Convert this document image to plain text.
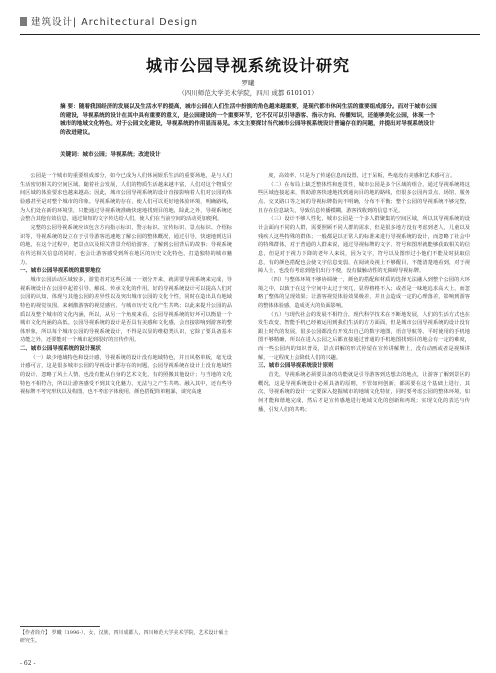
建筑设计| Architectural Design
城市公园导视系统设计研究
罗曦
（四川师范大学美术学院，四川 成都 610101）

摘 要：随着我国经济的发展以及生活水平的提高，城市公园在人们生活中扮演的角色越来越重要，是现代都市休闲生活的重要组成部分。而对于城市公园的建设，导视系统的设计在其中具有重要的意义，是公园建设的一个重要环节，它不仅可以引导游客、指示方向、传播知识，还能够美化公园，体现一个城市的地域文化特色。对于公园文化建设，导视系统的作用显而易见。本文主要探讨当代城市公园导视系统设计普遍存在的问题，并提出对导视系统设计的改进建议。

关键词：城市公园；导视系统；改进设计

公园是一个城市的重要组成部分，如今已成为人们休闲娱乐生活的重要场地，是与人们生活密切相关的空间区域。随着社会发展，人们的物质生活越来越丰富，人们对这个物质空间区域的体验要求也越来越高；因此，城市公园导视系统的设计直接影响着人们对公园的体验感甚至是对整个城市的印象。导视系统的存在，使人们可以更好地体验环境，明确路线，为人们处在新的环境里，只能通过导视系统准确快速地找到目的地，除此之外，导视系统还会整合其他有效信息，通过简短的文字传达给人们，使人们在当前空间的活动更加便利。

完整的公园导视系统应该包含方向指示标识、警示标识、宣传标识、景点标识、介绍标识等，导视系统的设立在于引导游客迅速地了解公园的整体概况，通过引导，快速地到达目的地，在这个过程中，把景点以及相关背景介绍给游客，了解到公园背后的故事；导视系统在传达相关信息的同时，也会让游客感受到所在地区的历史文化特色，打造独特的城市魅力。

一、城市公园导视系统的重要地位

城市公园活动区域较多，游览者对这些区域一一划分开来，就需要导视系统来完成，导视系统设计在公园中起着引导、解说、传承文化的作用。好的导视系统设计可以提高人们对公园的认知，体现与其他公园的差异性以及突出城市公园的文化个性，同时在造出具有地域特色的视觉氛围，来刺激游客的视觉感官，与城市历史文化产生共鸣；以此来提升公园的品质以及整个城市的文化内涵，所以，从另一个角度来看，公园导视系统的好坏可以衡量一个城市文化内涵的高低。公园导视系统的设计是否具有美感和文化感，会直接影响到游客的整体形象，所以每个城市公园的导视系统设计，不得是以显的维稳类认识，它除了要具备基本功能之外，还要能对一个城市起到很好的宣传作用。

二、城市公园导视系统的设计现状

（一）缺少地域特色和设计感，导视系统的设计没有地域特色，并且风格单板，毫无设计感可言，这是很多城市公园的导视设计都存在的问题，公园导视系统在设计上没有地域性的设计，忽略了风土人情，也没有能从自身的艺术文化，有的照搬其他设计；与当地的文化特色不相符合，所以让游客感受不到其文化魅力，无法与之产生共鸣、融入其中，还有些导视标牌不考究形状以及构图，也不考虑字体使用，颜色搭配简单粗暴，谈究高速

度，高效率，只是为了传递信息而设置，过于呆板，些毫没有美感和艺术感可言。

（二）在布局上缺乏整体性和连贯性，城市公园是多个区域的组合，通过导视系统将这些区域连接起来，帮助游客快速地找到通向目的地的路线，但很多公园内景点、场馆、服务点、交叉路口等之间的导视标牌指向不明确，分布不平衡；整个公园的导视系统不够完整，且存在信息缺失，导致信息传播模糊，游客找收到的信息不足。

（三）设计不够人性化，城市公园是一个多人群聚集的空间区域，所以其导视系统的设计会面向不同的人群，需要照顾不同人群的需求，但是很多地方没有考虑到老人，儿童以及残疾人这些特殊的群体；一般都是以正常人的标准来进行导视系统的设计，而忽略了社会中的特殊群体，对于普通的人群来说，通过导视标牌的文字、符号和图形就能够获取相关的信息，但是对于视力下降的老年人来说，因为文字，符号以及图形过小他们不能及时获取信息，有的颜色搭配也会使文字信息变弱，在阅读及视上不够醒目，不能清楚地看到，对于视障人士，也没有考虑到他们出行不便，没有做触动性的无障碍导视标牌。

（四）与整体环境不够协调统一，颜色的搭配和材质的选择无法融入到整个公园的大环境之中，以致于在这个空间中太过于突兀，显得格格不入；或者是一味地追求高大上，而忽略了整体的呈现效果；让游客视觉体验效果极差，并且会造成一定的心理落差，影响到游客的整体体验感，造成更大的负面影响。

（五）与现代社会的发展不相符合，现代科学技术在不断地发展，人们的生活方式也在发生改变，智能手机已经被运用到我们生活的方方面面，但是城市公园导视系统的设计没有跟上时代的发展，很多公园都没有开发出自己的数字地图，语音导航等。平时使用的手机地图不够精确，所以在进入公园之后都直接通过普通的手机地图找到目的地会有一定的难度，而一些公园内的知识普及，景点讲解的形式停留在宣传讲解牌上，没有动画或者是视频讲解，一定程度上会降低人们的兴趣。

三、城市公园导视系统设计原则

首先，导视系统必须要具备的功能就是引导游客到达想去的地点，让游客了解到景区的概况，这是导视系统设计必须具备的原则，不管如何创新，都需要在这个基础上进行，其次，导视系统的设计一定要深入挖掘城市的地域文化特征，同时要考虑公园的整体环境，如何才能和谐地完成，然后才是宣传感地进行地域文化的创新和再现；实现文化的表达与传播，引发人们的共鸣；

【作者简介】 罗曦（1996-），女，汉族，四川成都人，四川师范大学美术学院，艺术设计硕士研究生。
- 62 -
